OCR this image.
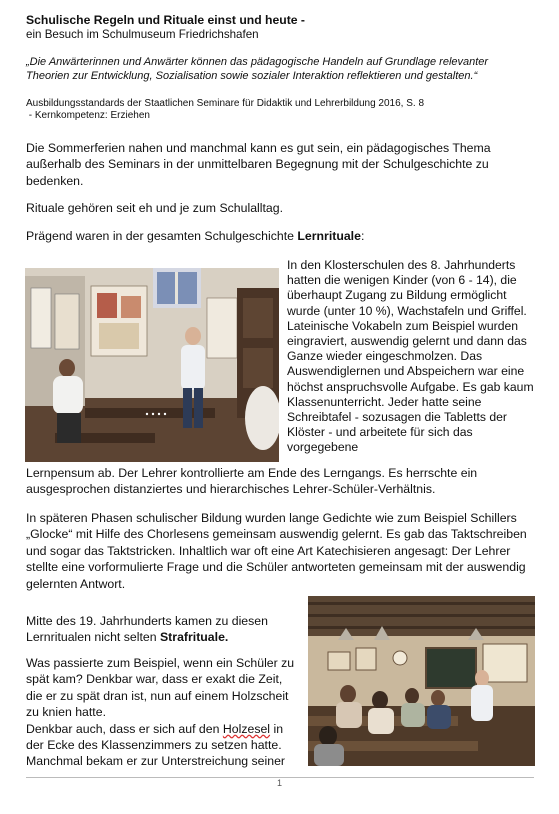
Schulische Regeln und Rituale einst und heute -
ein Besuch im Schulmuseum Friedrichshafen
„Die Anwärterinnen und Anwärter können das pädagogische Handeln auf Grundlage relevanter Theorien zur Entwicklung, Sozialisation sowie sozialer Interaktion reflektieren und gestalten.“
Ausbildungsstandards der Staatlichen Seminare für Didaktik und Lehrerbildung 2016, S. 8
- Kernkompetenz: Erziehen
Die Sommerferien nahen und manchmal kann es gut sein, ein pädagogisches Thema außerhalb des Seminars in der unmittelbaren Begegnung mit der Schulgeschichte zu bedenken.
Rituale gehören seit eh und je zum Schulalltag.
Prägend waren in der gesamten Schulgeschichte Lernrituale:
In den Klosterschulen des 8. Jahrhunderts hatten die wenigen Kinder (von 6 - 14), die überhaupt Zugang zu Bildung ermöglicht wurde (unter 10 %), Wachstafeln und Griffel. Lateinische Vokabeln zum Beispiel wurden eingraviert, auswendig gelernt und dann das Ganze wieder eingeschmolzen. Das Auswendiglernen und Abspeichern war eine höchst anspruchsvolle Aufgabe. Es gab kaum Klassenunterricht. Jeder hatte seine Schreibtafel - sozusagen die Tabletts der Klöster - und arbeitete für sich das vorgegebene
Lernpensum ab. Der Lehrer kontrollierte am Ende des Lerngangs. Es herrschte ein ausgesprochen distanziertes und hierarchisches Lehrer-Schüler-Verhältnis.
In späteren Phasen schulischer Bildung wurden lange Gedichte wie zum Beispiel Schillers „Glocke“ mit Hilfe des Chorlesens gemeinsam auswendig gelernt. Es gab das Taktschreiben und sogar das Taktstricken. Inhaltlich war oft eine Art Katechisieren angesagt: Der Lehrer stellte eine vorformulierte Frage und die Schüler antworteten gemeinsam mit der auswendig gelernten Antwort.
Mitte des 19. Jahrhunderts kamen zu diesen Lernritualen nicht selten Strafrituale.
Was passierte zum Beispiel, wenn ein Schüler zu spät kam? Denkbar war, dass er exakt die Zeit, die er zu spät dran ist, nun auf einem Holzscheit zu knien hatte.
Denkbar auch, dass er sich auf den Holzesel in der Ecke des Klassenzimmers zu setzen hatte. Manchmal bekam er zur Unterstreichung seiner
1
